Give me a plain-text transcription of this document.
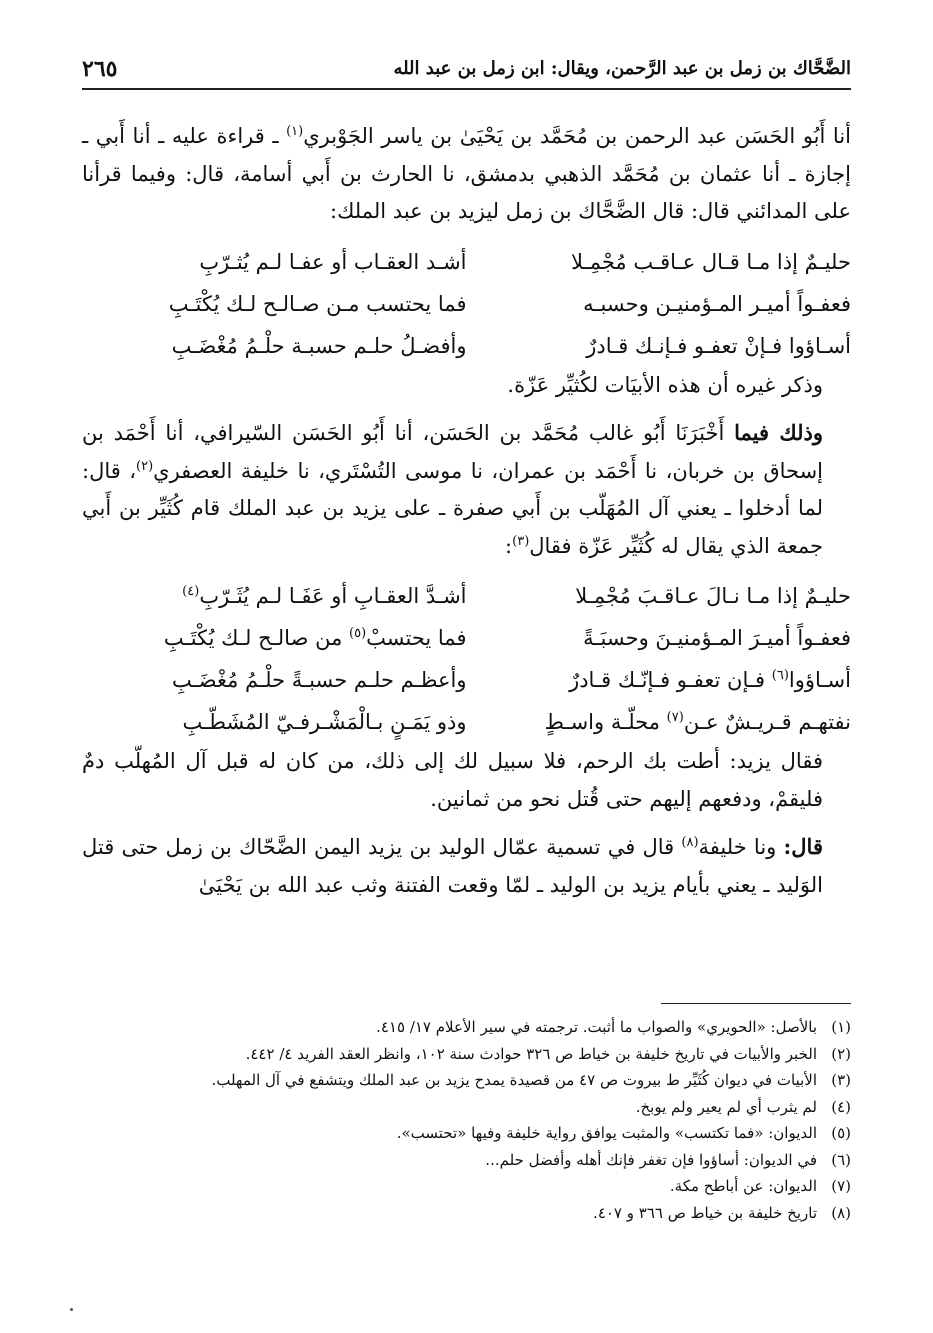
الضَّحَّاك بن زمل بن عبد الرَّحمن، ويقال: ابن زمل بن عبد الله
٢٦٥

أنا أَبُو الحَسَن عبد الرحمن بن مُحَمَّد بن يَحْيَىٰ بن ياسر الجَوْبري$^{(١)}$ ـ قراءة عليه ـ أنا أَبي ـ إجازة ـ أنا عثمان بن مُحَمَّد الذهبي بدمشق، نا الحارث بن أَبي أسامة، قال: وفيما قرأنا على المدائني قال: قال الضَّحَّاك بن زمل ليزيد بن عبد الملك:

حليـمٌ إذا مـا قـال عـاقـب مُجْمِـلا
أشـد العقـاب أو عفـا لـم يُثـرّبِ
فعفـواً أميـر المـؤمنيـن وحسبـه
فما يحتسب مـن صـالـح لـك يُكْتَـبِ
أسـاؤوا فـإنْ تعفـو فـإنـك قـادرٌ
وأفضـلُ حلـم حسبـة حلْـمُ مُغْضَـبِ

وذكر غيره أن هذه الأبيَات لكُثيِّر عَزّة.

وذلك فيما أَخْبَرَنَا أَبُو غالب مُحَمَّد بن الحَسَن، أنا أَبُو الحَسَن السّيرافي، أنا أَحْمَد بن إسحاق بن خربان، نا أَحْمَد بن عمران، نا موسى التُسْتَري، نا خليفة العصفري$^{(٢)}$، قال: لما أدخلوا ـ يعني آل المُهَلّب بن أَبي صفرة ـ على يزيد بن عبد الملك قام كُثَيِّر بن أَبي جمعة الذي يقال له كُثَيِّر عَزّة فقال$^{(٣)}$:

حليـمٌ إذا مـا نـالَ عـاقـبَ مُجْمِـلا
أشـدَّ العقـابِ أو عَفَـا لـم يُثَـرّبِ$^{(٤)}$
فعفـواً أميـرَ المـؤمنيـنَ وحسبَـةً
فما يحتسبْ$^{(٥)}$ من صالـح لـك يُكْتَـبِ
أسـاؤوا$^{(٦)}$ فـإن تعفـو فـإنّـك قـادرٌ
وأعظـم حلـم حسبـةً حلْـمُ مُغْضَـبِ
نفتهـم قـريـشٌ عـن$^{(٧)}$ محلّـة واسـطٍ
وذو يَمَـنٍ بـالْمَشْـرفـيّ المُشَطّـبِ

فقال يزيد: أطت بك الرحم، فلا سبيل لك إلى ذلك، من كان له قبل آل المُهلّب دمٌ فليقمْ، ودفعهم إليهم حتى قُتل نحو من ثمانين.

قال: ونا خليفة$^{(٨)}$ قال في تسمية عمّال الوليد بن يزيد اليمن الضَّحّاك بن زمل حتى قتل الوَليد ـ يعني بأيام يزيد بن الوليد ـ لمّا وقعت الفتنة وثب عبد الله بن يَحْيَىٰ

(١)
بالأصل: «الحويري» والصواب ما أثبت. ترجمته في سير الأعلام ١٧/ ٤١٥.
(٢)
الخبر والأبيات في تاريخ خليفة بن خياط ص ٣٢٦ حوادث سنة ١٠٢، وانظر العقد الفريد ٤/ ٤٤٢.
(٣)
الأبيات في ديوان كُثَيِّر ط بيروت ص ٤٧ من قصيدة يمدح يزيد بن عبد الملك ويتشفع في آل المهلب.
(٤)
لم يثرب أي لم يعير ولم يوبخ.
(٥)
الديوان: «فما تكتسب» والمثبت يوافق رواية خليفة وفيها «تحتسب».
(٦)
في الديوان: أساؤوا فإن تغفر فإنك أهله وأفضل حلم...
(٧)
الديوان: عن أباطح مكة.
(٨)
تاريخ خليفة بن خياط ص ٣٦٦ و ٤٠٧.
